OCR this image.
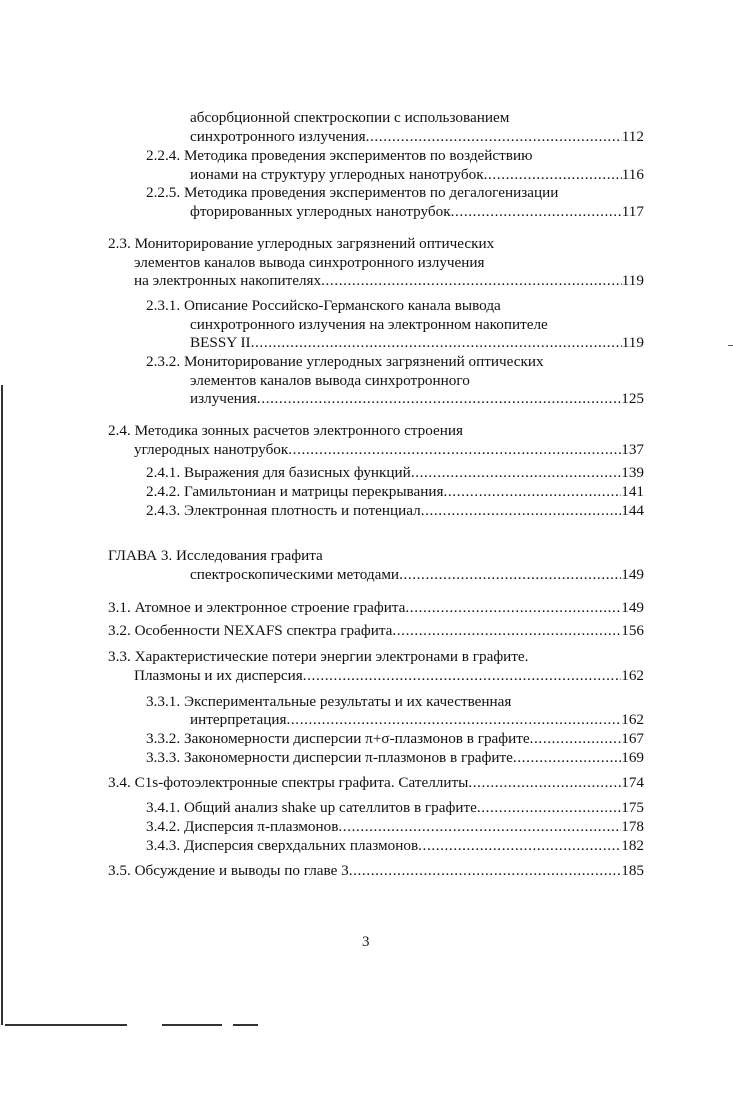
абсорбционной спектроскопии с использованием
синхротронного излучения .....	112
2.2.4. Методика проведения экспериментов по воздействию
ионами на структуру углеродных нанотрубок .....	116
2.2.5. Методика проведения экспериментов по дегалогенизации
фторированных углеродных нанотрубок .....	117
2.3. Мониторирование углеродных загрязнений оптических
элементов каналов вывода синхротронного излучения
на электронных накопителях .....	119
2.3.1. Описание Российско-Германского канала вывода
синхротронного излучения на электронном накопителе
BESSY II .....	119
2.3.2. Мониторирование углеродных загрязнений оптических
элементов каналов вывода синхротронного
излучения .....	125
2.4. Методика зонных расчетов электронного строения
углеродных нанотрубок .....	137
2.4.1. Выражения для базисных функций .....	139
2.4.2. Гамильтониан и матрицы перекрывания .....	141
2.4.3. Электронная плотность и потенциал .....	144
ГЛАВА 3. Исследования графита
спектроскопическими методами .....	149
3.1. Атомное и электронное строение графита .....	149
3.2. Особенности NEXAFS спектра графита .....	156
3.3. Характеристические потери энергии электронами в графите.
Плазмоны и их дисперсия .....	162
3.3.1. Экспериментальные результаты и их качественная
интерпретация .....	162
3.3.2. Закономерности дисперсии π+σ-плазмонов в графите .....	167
3.3.3. Закономерности дисперсии π-плазмонов в графите .....	169
3.4. C1s-фотоэлектронные спектры графита. Сателлиты .....	174
3.4.1. Общий анализ shake up сателлитов в графите .....	175
3.4.2. Дисперсия π-плазмонов .....	178
3.4.3. Дисперсия сверхдальних плазмонов .....	182
3.5. Обсуждение и выводы по главе 3 .....	185
3
